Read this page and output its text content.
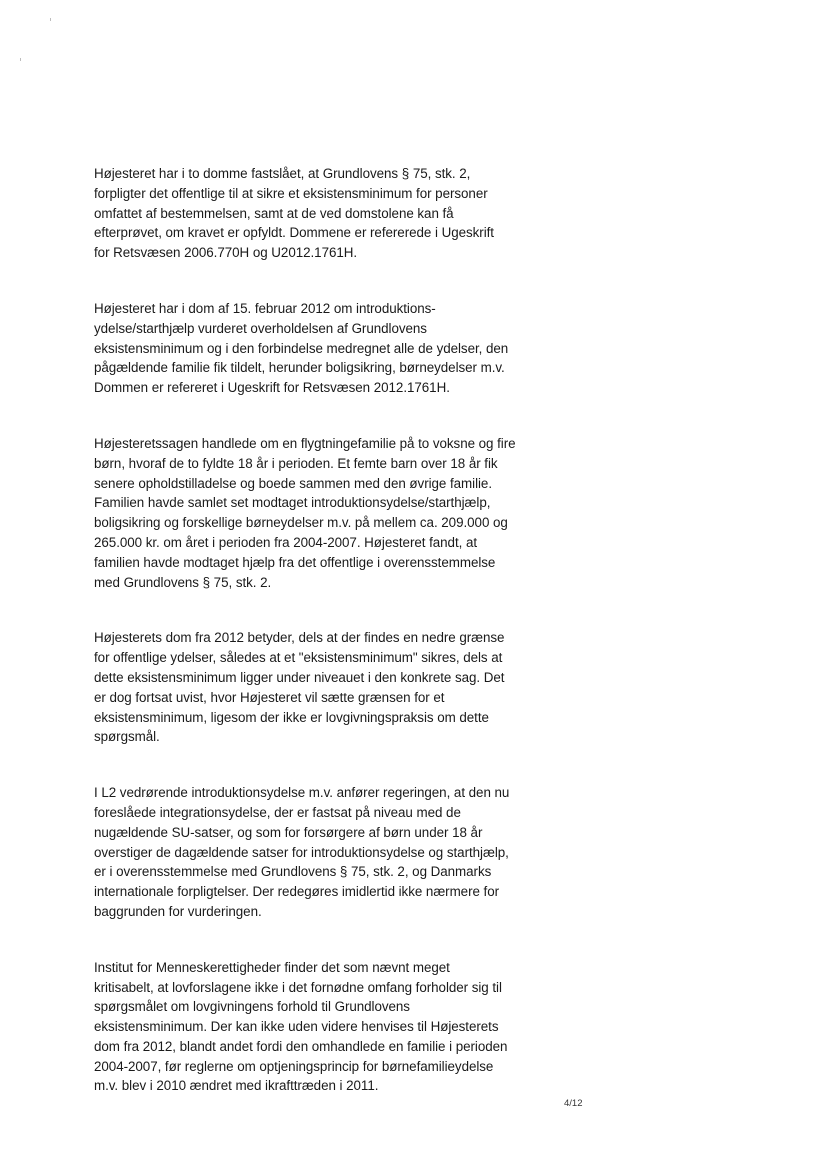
Højesteret har i to domme fastslået, at Grundlovens § 75, stk. 2,
forpligter det offentlige til at sikre et eksistensminimum for personer
omfattet af bestemmelsen, samt at de ved domstolene kan få
efterprøvet, om kravet er opfyldt. Dommene er refererede i Ugeskrift
for Retsvæsen 2006.770H og U2012.1761H.
Højesteret har i dom af 15. februar 2012 om introduktions-
ydelse/starthjælp vurderet overholdelsen af Grundlovens
eksistensminimum og i den forbindelse medregnet alle de ydelser, den
pågældende familie fik tildelt, herunder boligsikring, børneydelser m.v.
Dommen er refereret i Ugeskrift for Retsvæsen 2012.1761H.
Højesteretssagen handlede om en flygtningefamilie på to voksne og fire
børn, hvoraf de to fyldte 18 år i perioden. Et femte barn over 18 år fik
senere opholdstilladelse og boede sammen med den øvrige familie.
Familien havde samlet set modtaget introduktionsydelse/starthjælp,
boligsikring og forskellige børneydelser m.v. på mellem ca. 209.000 og
265.000 kr. om året i perioden fra 2004-2007. Højesteret fandt, at
familien havde modtaget hjælp fra det offentlige i overensstemmelse
med Grundlovens § 75, stk. 2.
Højesterets dom fra 2012 betyder, dels at der findes en nedre grænse
for offentlige ydelser, således at et "eksistensminimum" sikres, dels at
dette eksistensminimum ligger under niveauet i den konkrete sag. Det
er dog fortsat uvist, hvor Højesteret vil sætte grænsen for et
eksistensminimum, ligesom der ikke er lovgivningspraksis om dette
spørgsmål.
I L2 vedrørende introduktionsydelse m.v. anfører regeringen, at den nu
foreslåede integrationsydelse, der er fastsat på niveau med de
nugældende SU-satser, og som for forsørgere af børn under 18 år
overstiger de dagældende satser for introduktionsydelse og starthjælp,
er i overensstemmelse med Grundlovens § 75, stk. 2, og Danmarks
internationale forpligtelser. Der redegøres imidlertid ikke nærmere for
baggrunden for vurderingen.
Institut for Menneskerettigheder finder det som nævnt meget
kritisabelt, at lovforslagene ikke i det fornødne omfang forholder sig til
spørgsmålet om lovgivningens forhold til Grundlovens
eksistensminimum. Der kan ikke uden videre henvises til Højesterets
dom fra 2012, blandt andet fordi den omhandlede en familie i perioden
2004-2007, før reglerne om optjeningsprincip for børnefamilieydelse
m.v. blev i 2010 ændret med ikrafttræden i 2011.
4/12
